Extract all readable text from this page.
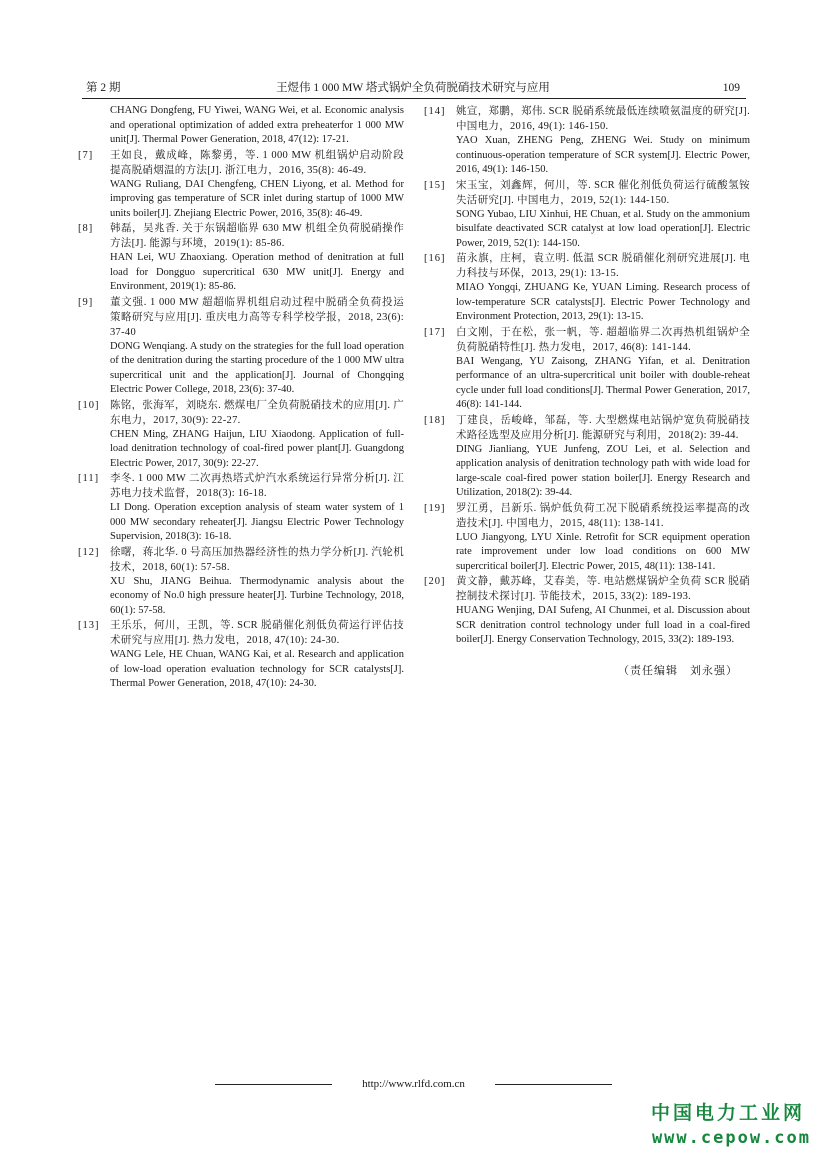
第 2 期	王煜伟 1 000 MW 塔式锅炉全负荷脱硝技术研究与应用	109
CHANG Dongfeng, FU Yiwei, WANG Wei, et al. Economic analysis and operational optimization of added extra preheaterfor 1 000 MW unit[J]. Thermal Power Generation, 2018, 47(12): 17-21.
[7]	王如良，戴成峰，陈黎勇，等. 1 000 MW 机组锅炉启动阶段提高脱硝烟温的方法[J]. 浙江电力，2016, 35(8): 46-49.
WANG Ruliang, DAI Chengfeng, CHEN Liyong, et al. Method for improving gas temperature of SCR inlet during startup of 1000 MW units boiler[J]. Zhejiang Electric Power, 2016, 35(8): 46-49.
[8]	韩磊，吴兆香. 关于东锅超临界 630 MW 机组全负荷脱硝操作方法[J]. 能源与环境，2019(1): 85-86.
HAN Lei, WU Zhaoxiang. Operation method of denitration at full load for Dongguo supercritical 630 MW unit[J]. Energy and Environment, 2019(1): 85-86.
[9]	董文强. 1 000 MW 超超临界机组启动过程中脱硝全负荷投运策略研究与应用[J]. 重庆电力高等专科学校学报，2018, 23(6): 37-40
DONG Wenqiang. A study on the strategies for the full load operation of the denitration during the starting procedure of the 1 000 MW ultra supercritical unit and the application[J]. Journal of Chongqing Electric Power College, 2018, 23(6): 37-40.
[10]	陈铭，张海军，刘晓东. 燃煤电厂全负荷脱硝技术的应用[J]. 广东电力，2017, 30(9): 22-27.
CHEN Ming, ZHANG Haijun, LIU Xiaodong. Application of full-load denitration technology of coal-fired power plant[J]. Guangdong Electric Power, 2017, 30(9): 22-27.
[11]	李冬. 1 000 MW 二次再热塔式炉汽水系统运行异常分析[J]. 江苏电力技术监督，2018(3): 16-18.
LI Dong. Operation exception analysis of steam water system of 1 000 MW secondary reheater[J]. Jiangsu Electric Power Technology Supervision, 2018(3): 16-18.
[12]	徐曙，蒋北华. 0 号高压加热器经济性的热力学分析[J]. 汽轮机技术，2018, 60(1): 57-58.
XU Shu, JIANG Beihua. Thermodynamic analysis about the economy of No.0 high pressure heater[J]. Turbine Technology, 2018, 60(1): 57-58.
[13]	王乐乐，何川，王凯，等. SCR 脱硝催化剂低负荷运行评估技术研究与应用[J]. 热力发电，2018, 47(10): 24-30.
WANG Lele, HE Chuan, WANG Kai, et al. Research and application of low-load operation evaluation technology for SCR catalysts[J]. Thermal Power Generation, 2018, 47(10): 24-30.
[14]	姚宣，郑鹏，郑伟. SCR 脱硝系统最低连续喷氨温度的研究[J]. 中国电力，2016, 49(1): 146-150.
YAO Xuan, ZHENG Peng, ZHENG Wei. Study on minimum continuous-operation temperature of SCR system[J]. Electric Power, 2016, 49(1): 146-150.
[15]	宋玉宝，刘鑫辉，何川，等. SCR 催化剂低负荷运行硫酸氢铵失活研究[J]. 中国电力，2019, 52(1): 144-150.
SONG Yubao, LIU Xinhui, HE Chuan, et al. Study on the ammonium bisulfate deactivated SCR catalyst at low load operation[J]. Electric Power, 2019, 52(1): 144-150.
[16]	苗永旗，庄柯，袁立明. 低温 SCR 脱硝催化剂研究进展[J]. 电力科技与环保，2013, 29(1): 13-15.
MIAO Yongqi, ZHUANG Ke, YUAN Liming. Research process of low-temperature SCR catalysts[J]. Electric Power Technology and Environment Protection, 2013, 29(1): 13-15.
[17]	白文刚，于在松，张一帆，等. 超超临界二次再热机组锅炉全负荷脱硝特性[J]. 热力发电，2017, 46(8): 141-144.
BAI Wengang, YU Zaisong, ZHANG Yifan, et al. Denitration performance of an ultra-supercritical unit boiler with double-reheat cycle under full load conditions[J]. Thermal Power Generation, 2017, 46(8): 141-144.
[18]	丁建良，岳峻峰，邹磊，等. 大型燃煤电站锅炉宽负荷脱硝技术路径选型及应用分析[J]. 能源研究与利用，2018(2): 39-44.
DING Jianliang, YUE Junfeng, ZOU Lei, et al. Selection and application analysis of denitration technology path with wide load for large-scale coal-fired power station boiler[J]. Energy Research and Utilization, 2018(2): 39-44.
[19]	罗江勇，吕新乐. 锅炉低负荷工况下脱硝系统投运率提高的改造技术[J]. 中国电力，2015, 48(11): 138-141.
LUO Jiangyong, LYU Xinle. Retrofit for SCR equipment operation rate improvement under low load conditions on 600 MW supercritical boiler[J]. Electric Power, 2015, 48(11): 138-141.
[20]	黄文静，戴苏峰，艾春美，等. 电站燃煤锅炉全负荷 SCR 脱硝控制技术探讨[J]. 节能技术，2015, 33(2): 189-193.
HUANG Wenjing, DAI Sufeng, AI Chunmei, et al. Discussion about SCR denitration control technology under full load in a coal-fired boiler[J]. Energy Conservation Technology, 2015, 33(2): 189-193.
（责任编辑　刘永强）
http://www.rlfd.com.cn
中国电力工业网
www.cepow.com
